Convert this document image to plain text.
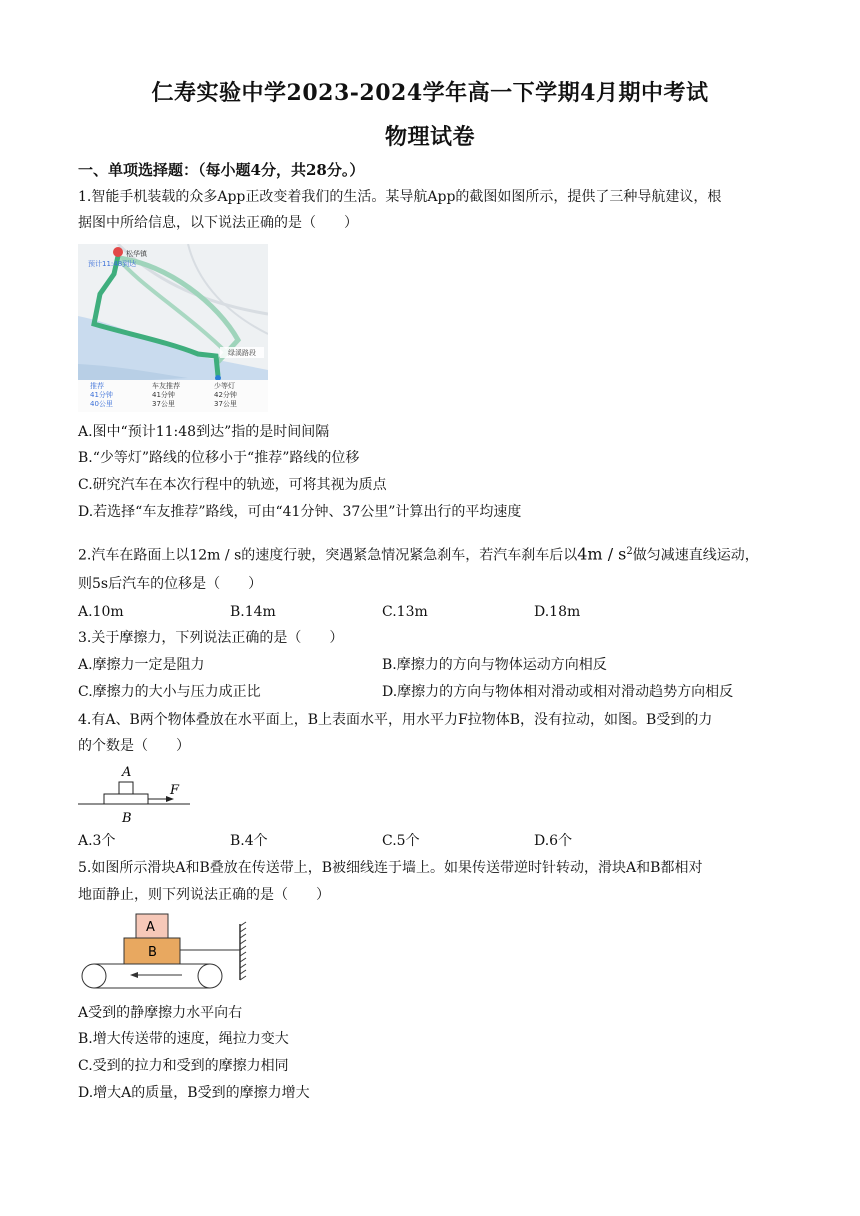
仁寿实验中学2023-2024学年高一下学期4月期中考试
物理试卷
一、单项选择题：（每小题4分，共28分。）
1.智能手机装载的众多App正改变着我们的生活。某导航App的截图如图所示，提供了三种导航建议，根
据图中所给信息，以下说法正确的是（　　）
松华镇
预计11:48到达
绿溪路段
推荐
41分钟
40公里
车友推荐
41分钟
37公里
少等灯
42分钟
37公里
A.图中“预计11:48到达”指的是时间间隔
B.“少等灯”路线的位移小于“推荐”路线的位移
C.研究汽车在本次行程中的轨迹，可将其视为质点
D.若选择“车友推荐”路线，可由“41分钟、37公里”计算出行的平均速度
2.汽车在路面上以12m / s的速度行驶，突遇紧急情况紧急刹车，若汽车刹车后以$4m / s^2$做匀减速直线运动，
则5s后汽车的位移是（　　）
A.10m	B.14m	C.13m	D.18m
3.关于摩擦力，下列说法正确的是（　　）
A.摩擦力一定是阻力	B.摩擦力的方向与物体运动方向相反
C.摩擦力的大小与压力成正比	D.摩擦力的方向与物体相对滑动或相对滑动趋势方向相反
4.有A、B两个物体叠放在水平面上，B上表面水平，用水平力F拉物体B，没有拉动，如图。B受到的力
的个数是（　　）
A
F
B
A.3个	B.4个	C.5个	D.6个
5.如图所示滑块A和B叠放在传送带上，B被细线连于墙上。如果传送带逆时针转动，滑块A和B都相对
地面静止，则下列说法正确的是（　　）
A
B
A受到的静摩擦力水平向右
B.增大传送带的速度，绳拉力变大
C.受到的拉力和受到的摩擦力相同
D.增大A的质量，B受到的摩擦力增大
